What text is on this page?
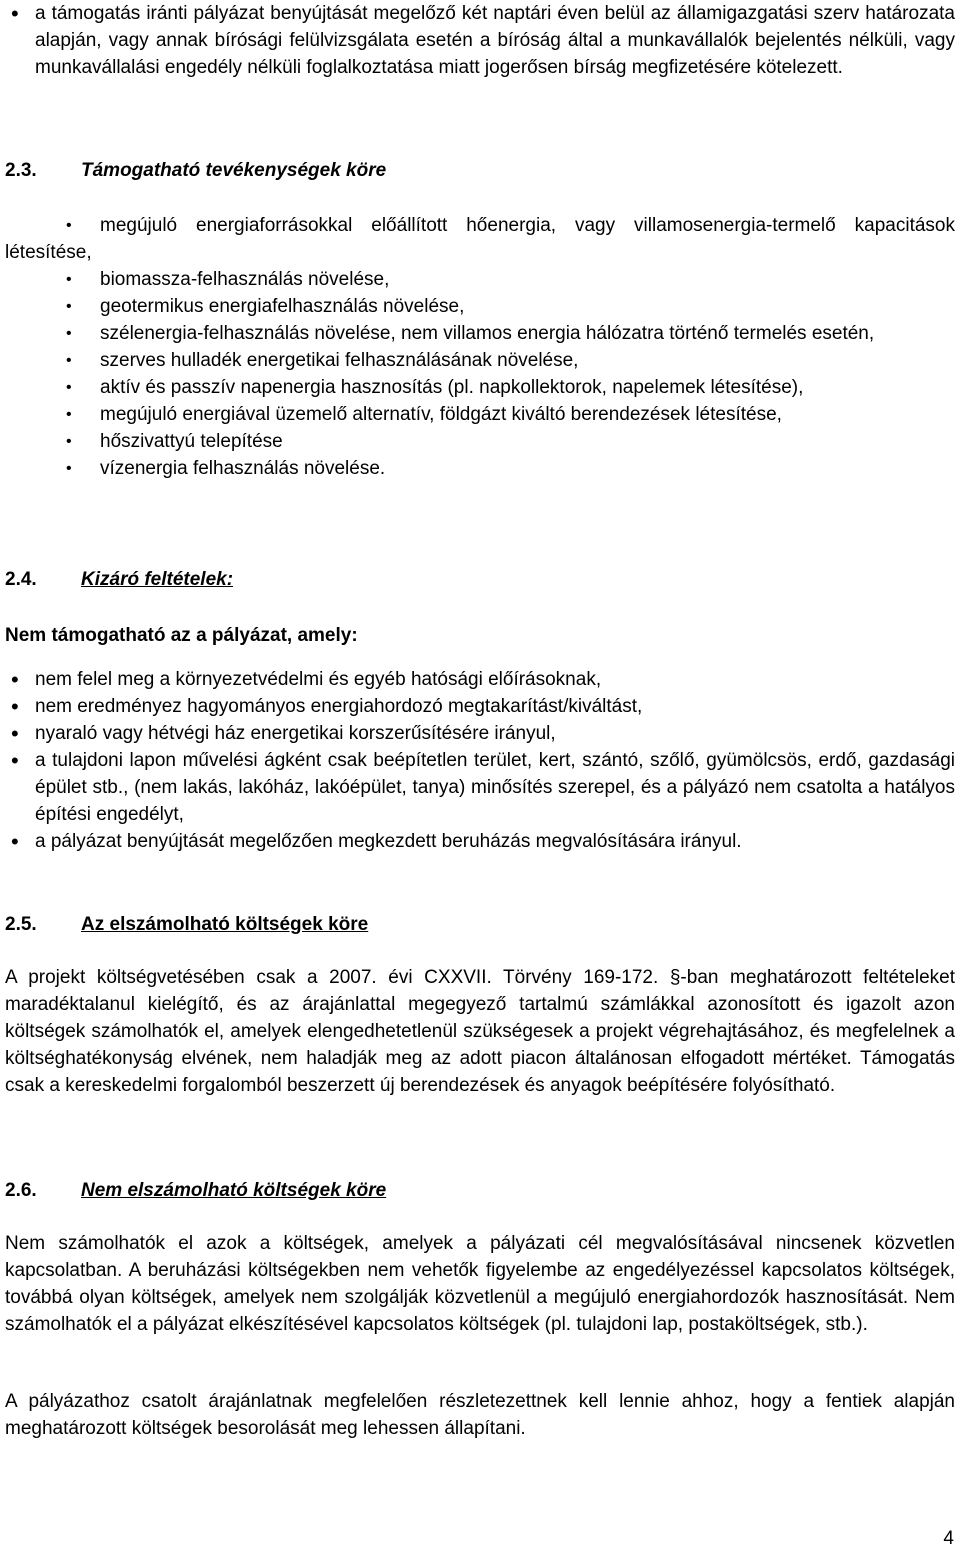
• a támogatás iránti pályázat benyújtását megelőző két naptári éven belül az államigazgatási szerv határozata alapján, vagy annak bírósági felülvizsgálata esetén a bíróság által a munkavállalók bejelentés nélküli, vagy munkavállalási engedély nélküli foglalkoztatása miatt jogerősen bírság megfizetésére kötelezett.
2.3. Támogatható tevékenységek köre
• megújuló energiaforrásokkal előállított hőenergia, vagy villamosenergia-termelő kapacitások létesítése,
• biomassza-felhasználás növelése,
• geotermikus energiafelhasználás növelése,
• szélenergia-felhasználás növelése, nem villamos energia hálózatra történő termelés esetén,
• szerves hulladék energetikai felhasználásának növelése,
• aktív és passzív napenergia hasznosítás (pl. napkollektorok, napelemek létesítése),
• megújuló energiával üzemelő alternatív, földgázt kiváltó berendezések létesítése,
• hőszivattyú telepítése
• vízenergia felhasználás növelése.
2.4. Kizáró feltételek:
Nem támogatható az a pályázat, amely:
• nem felel meg a környezetvédelmi és egyéb hatósági előírásoknak,
• nem eredményez hagyományos energiahordozó megtakarítást/kiváltást,
• nyaraló vagy hétvégi ház energetikai korszerűsítésére irányul,
• a tulajdoni lapon művelési ágként csak beépítetlen terület, kert, szántó, szőlő, gyümölcsös, erdő, gazdasági épület stb., (nem lakás, lakóház, lakóépület, tanya) minősítés szerepel, és a pályázó nem csatolta a hatályos építési engedélyt,
• a pályázat benyújtását megelőzően megkezdett beruházás megvalósítására irányul.
2.5. Az elszámolható költségek köre

A projekt költségvetésében csak a 2007. évi CXXVII. Törvény 169-172. §-ban meghatározott feltételeket maradéktalanul kielégítő, és az árajánlattal megegyező tartalmú számlákkal azonosított és igazolt azon költségek számolhatók el, amelyek elengedhetetlenül szükségesek a projekt végrehajtásához, és megfelelnek a költséghatékonyság elvének, nem haladják meg az adott piacon általánosan elfogadott mértéket. Támogatás csak a kereskedelmi forgalomból beszerzett új berendezések és anyagok beépítésére folyósítható.

2.6. Nem elszámolható költségek köre

Nem számolhatók el azok a költségek, amelyek a pályázati cél megvalósításával nincsenek közvetlen kapcsolatban. A beruházási költségekben nem vehetők figyelembe az engedélyezéssel kapcsolatos költségek, továbbá olyan költségek, amelyek nem szolgálják közvetlenül a megújuló energiahordozók hasznosítását. Nem számolhatók el a pályázat elkészítésével kapcsolatos költségek (pl. tulajdoni lap, postaköltségek, stb.).

A pályázathoz csatolt árajánlatnak megfelelően részletezettnek kell lennie ahhoz, hogy a fentiek alapján meghatározott költségek besorolását meg lehessen állapítani.

4
